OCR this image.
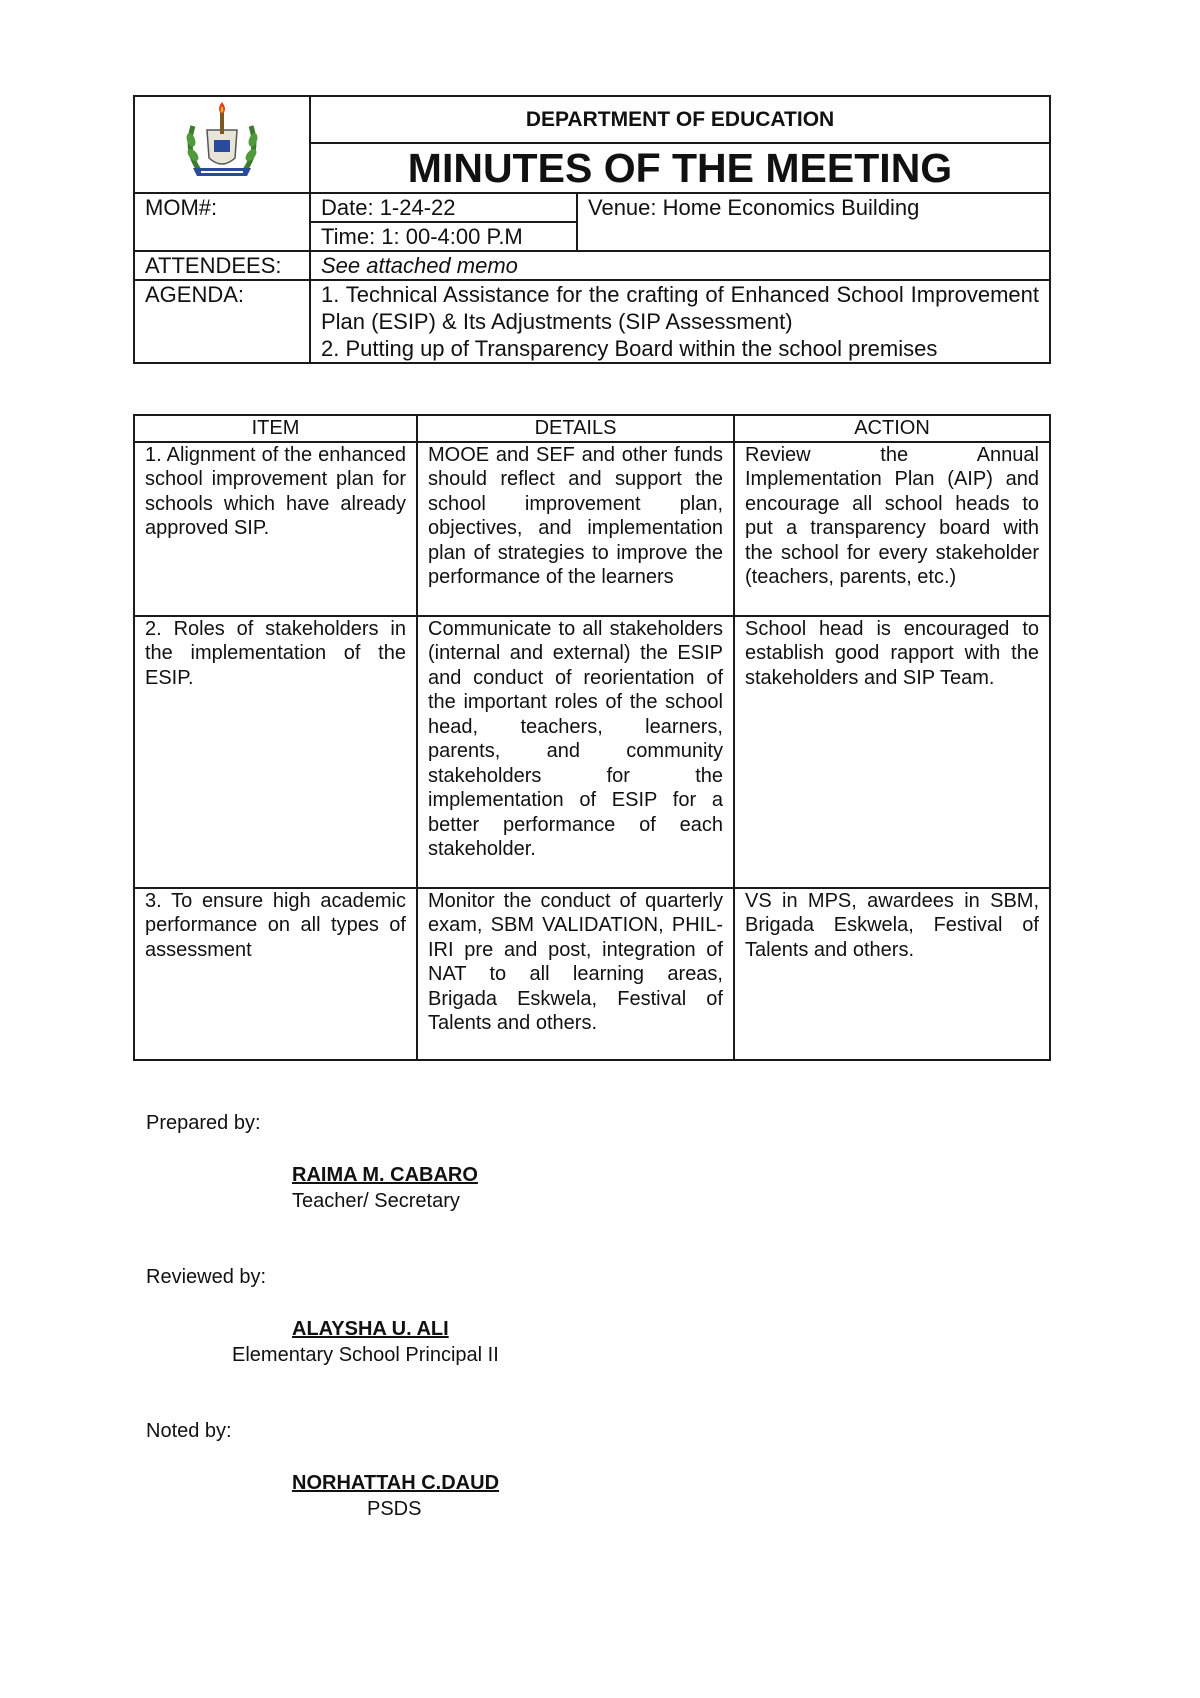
	DEPARTMENT OF EDUCATION	
	MINUTES OF THE MEETING	
MOM#:	Date: 1-24-22	Venue: Home Economics Building
	Time: 1: 00-4:00 P.M	
ATTENDEES:	See attached memo	
AGENDA:	1. Technical Assistance for the crafting of Enhanced School Improvement Plan (ESIP) & Its Adjustments (SIP Assessment)
2. Putting up of Transparency Board within the school premises	
ITEM	DETAILS	ACTION
1. Alignment of the enhanced school improvement plan for schools which have already approved SIP.	MOOE and SEF and other funds should reflect and support the school improvement plan, objectives, and implementation plan of strategies to improve the performance of the learners	Review the Annual Implementation Plan (AIP) and encourage all school heads to put a transparency board with the school for every stakeholder (teachers, parents, etc.)
2. Roles of stakeholders in the implementation of the ESIP.	Communicate to all stakeholders (internal and external) the ESIP and conduct of reorientation of the important roles of the school head, teachers, learners, parents, and community stakeholders for the implementation of ESIP for a better performance of each stakeholder.	School head is encouraged to establish good rapport with the stakeholders and SIP Team.
3. To ensure high academic performance on all types of assessment	Monitor the conduct of quarterly exam, SBM VALIDATION, PHIL-IRI pre and post, integration of NAT to all learning areas, Brigada Eskwela, Festival of Talents and others.	VS in MPS, awardees in SBM, Brigada Eskwela, Festival of Talents and others.
Prepared by:
RAIMA M. CABARO
Teacher/ Secretary
Reviewed by:
ALAYSHA U. ALI
Elementary School Principal II
Noted by:
NORHATTAH C.DAUD
PSDS
